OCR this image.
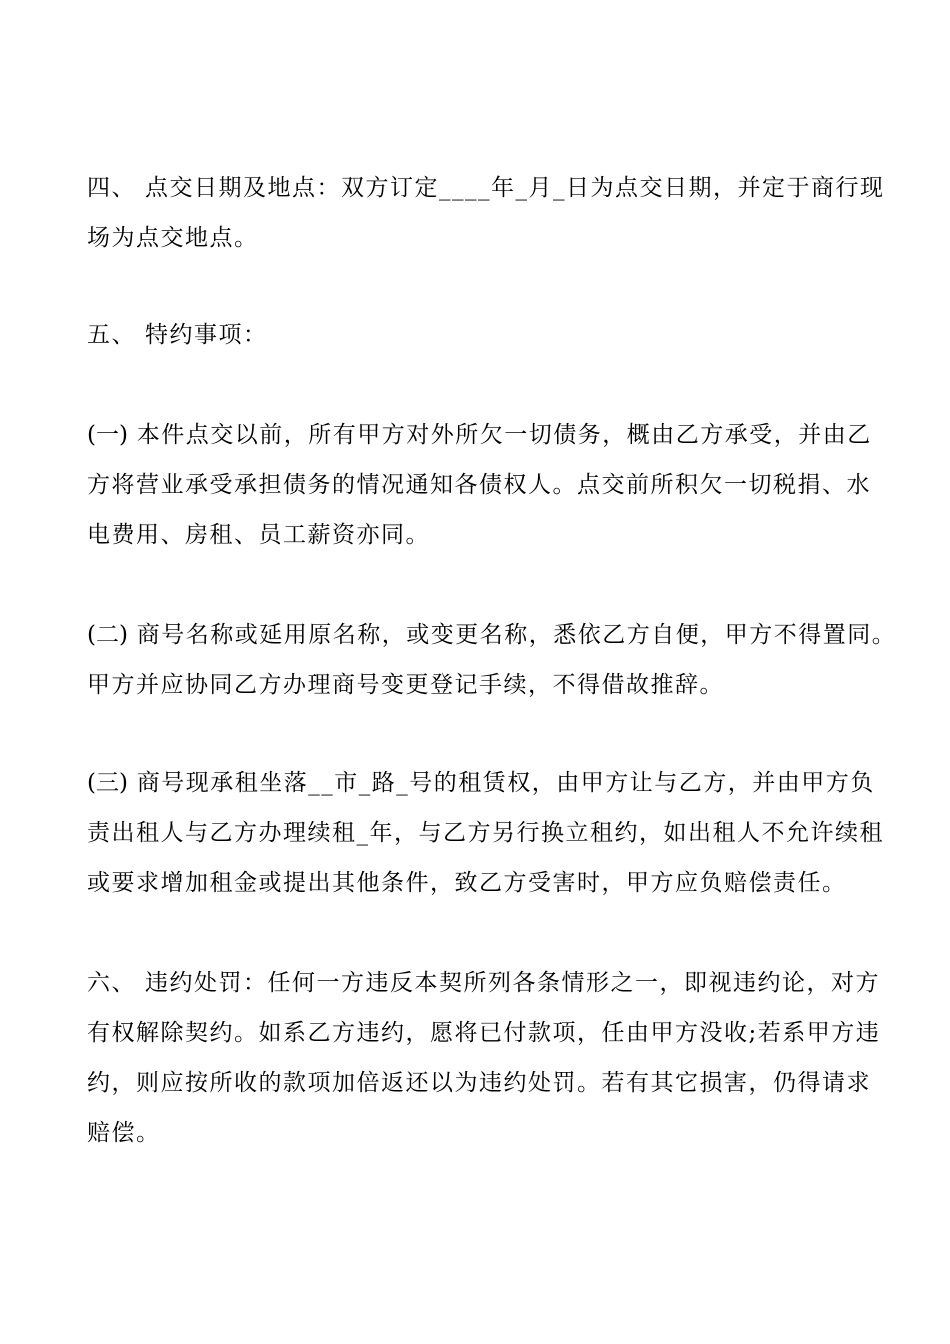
四、 点交日期及地点：双方订定____年_月_日为点交日期，并定于商行现
场为点交地点。
五、 特约事项：
(一) 本件点交以前，所有甲方对外所欠一切债务，概由乙方承受，并由乙
方将营业承受承担债务的情况通知各债权人。点交前所积欠一切税捐、水
电费用、房租、员工薪资亦同。
(二) 商号名称或延用原名称，或变更名称，悉依乙方自便，甲方不得置同。
甲方并应协同乙方办理商号变更登记手续，不得借故推辞。
(三) 商号现承租坐落__市_路_号的租赁权，由甲方让与乙方，并由甲方负
责出租人与乙方办理续租_年，与乙方另行换立租约，如出租人不允许续租
或要求增加租金或提出其他条件，致乙方受害时，甲方应负赔偿责任。
六、 违约处罚：任何一方违反本契所列各条情形之一，即视违约论，对方
有权解除契约。如系乙方违约，愿将已付款项，任由甲方没收;若系甲方违
约，则应按所收的款项加倍返还以为违约处罚。若有其它损害，仍得请求
赔偿。
